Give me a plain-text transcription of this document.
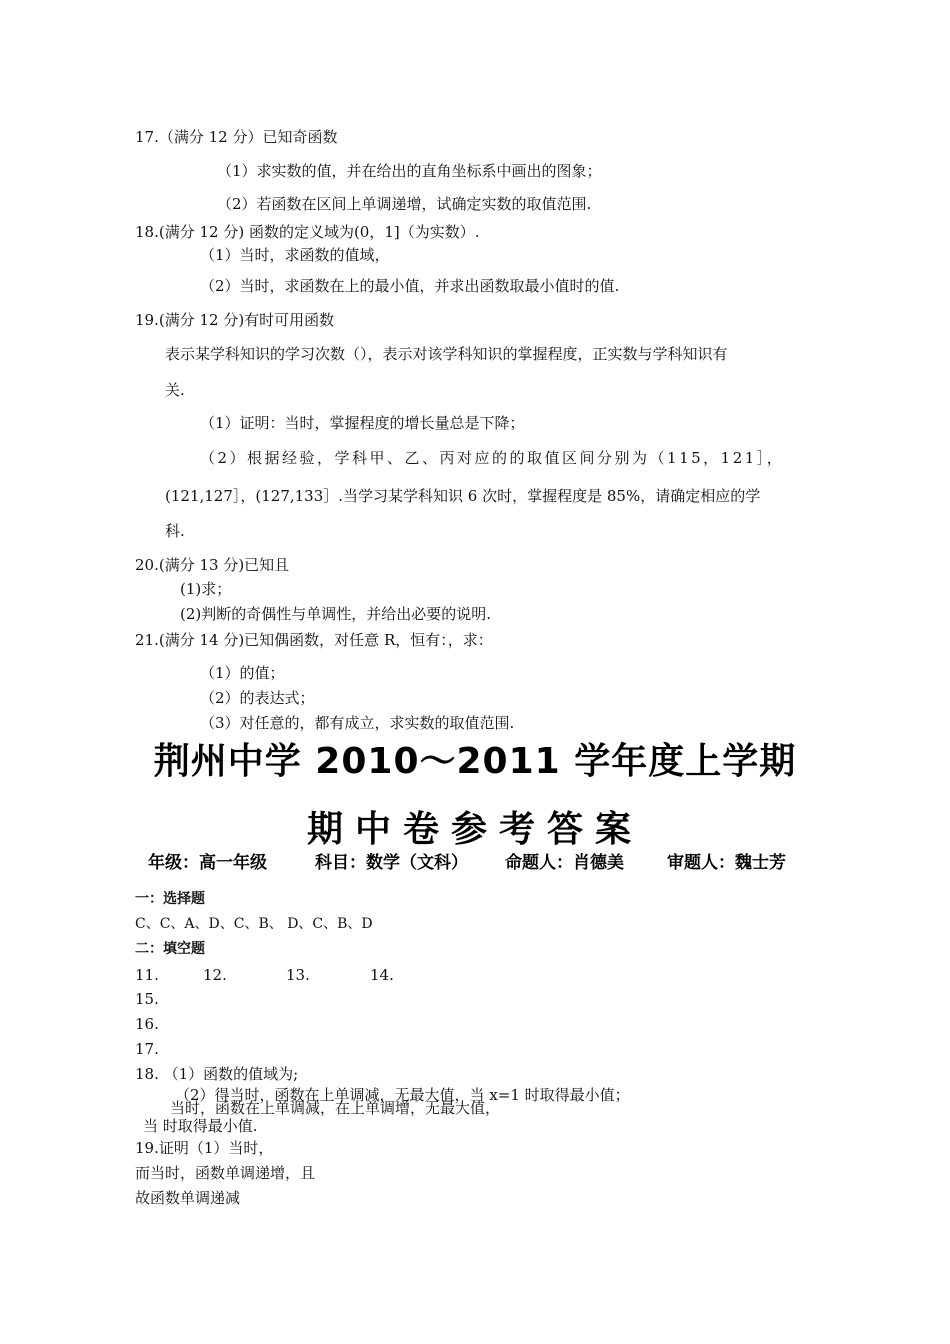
17.（满分 12 分）已知奇函数
（1）求实数的值，并在给出的直角坐标系中画出的图象；
（2）若函数在区间上单调递增，试确定实数的取值范围.
18.(满分 12 分) 函数的定义域为(0，1]（为实数）.
（1）当时，求函数的值域，
（2）当时，求函数在上的最小值，并求出函数取最小值时的值.
19.(满分 12 分)有时可用函数
表示某学科知识的学习次数（），表示对该学科知识的掌握程度，正实数与学科知识有
关.
（1）证明：当时，掌握程度的增长量总是下降；
（2）根据经验，学科甲、乙、丙对应的的取值区间分别为（115，121］，
(121,127］，(127,133］.当学习某学科知识 6 次时，掌握程度是 85%，请确定相应的学
科.
20.(满分 13 分)已知且
(1)求；
(2)判断的奇偶性与单调性，并给出必要的说明.
21.(满分 14 分)已知偶函数，对任意 R，恒有：，求：
（1）的值；
（2）的表达式；
（3）对任意的，都有成立，求实数的取值范围.
荆州中学 2010～2011 学年度上学期
期中卷参考答案
年级：高一年级	科目：数学（文科） 命题人：肖德美	审题人：魏士芳
一：选择题
C、C、A、D、C、B、 D、C、B、D
二：填空题
11.	12.	13.	14.
15.
16.
17.
18. （1）函数的值域为;
（2）得当时，函数在上单调减，无最大值，当 x=1 时取得最小值；
当时，函数在上单调减，在上单调增，无最大值，
当 时取得最小值.
19.证明（1）当时，
而当时，函数单调递增，且
故函数单调递减
